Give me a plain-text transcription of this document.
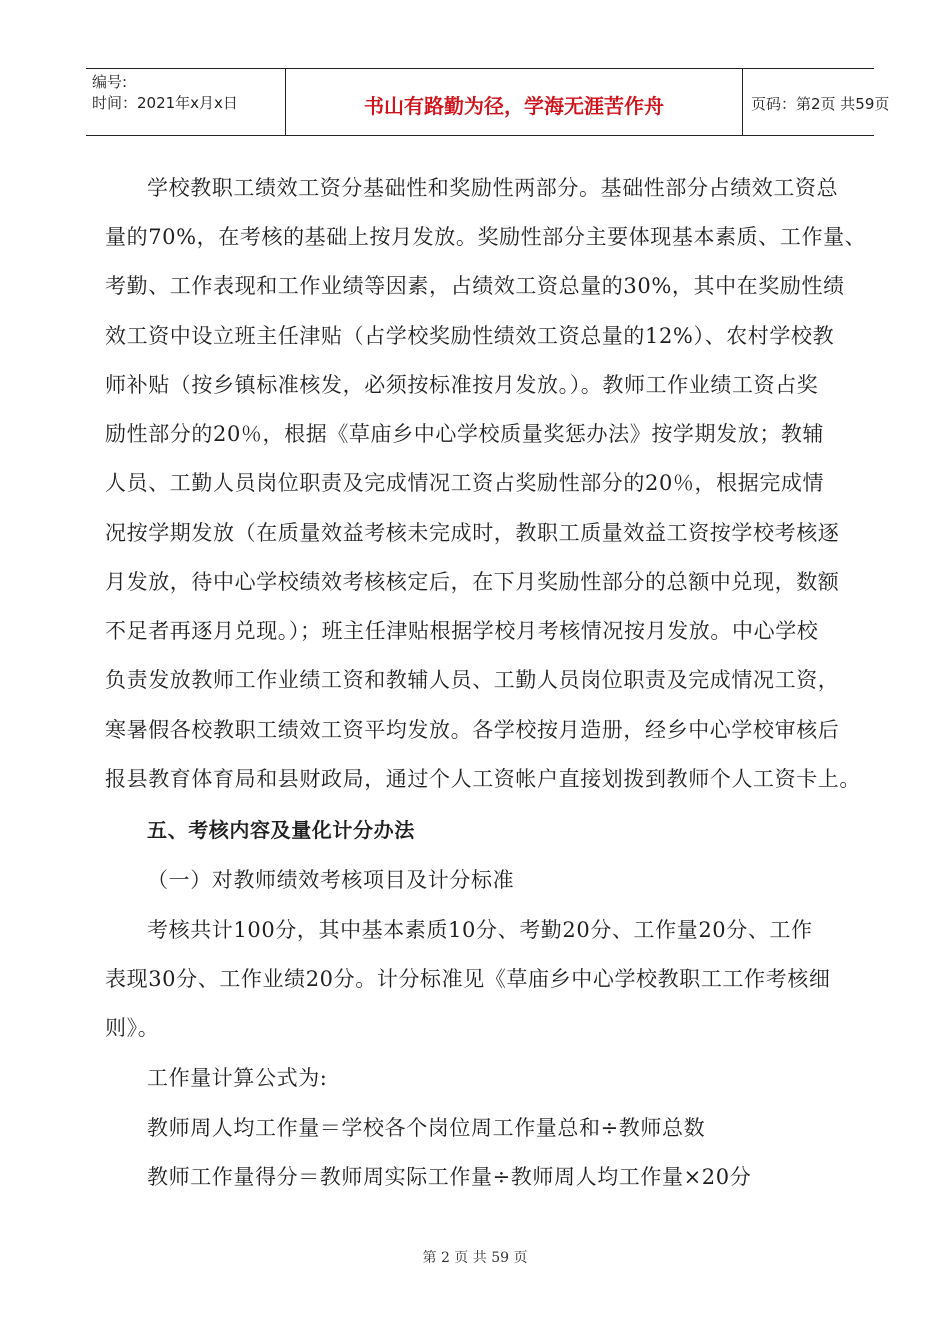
编号:
时间：2021年x月x日	书山有路勤为径，学海无涯苦作舟	页码：第2页 共59页
学校教职工绩效工资分基础性和奖励性两部分。基础性部分占绩效工资总
量的70%，在考核的基础上按月发放。奖励性部分主要体现基本素质、工作量、
考勤、工作表现和工作业绩等因素，占绩效工资总量的30%，其中在奖励性绩
效工资中设立班主任津贴（占学校奖励性绩效工资总量的12%）、农村学校教
师补贴（按乡镇标准核发，必须按标准按月发放。）。教师工作业绩工资占奖
励性部分的20％，根据《草庙乡中心学校质量奖惩办法》按学期发放；教辅
人员、工勤人员岗位职责及完成情况工资占奖励性部分的20％，根据完成情
况按学期发放（在质量效益考核未完成时，教职工质量效益工资按学校考核逐
月发放，待中心学校绩效考核核定后，在下月奖励性部分的总额中兑现，数额
不足者再逐月兑现。）；班主任津贴根据学校月考核情况按月发放。中心学校
负责发放教师工作业绩工资和教辅人员、工勤人员岗位职责及完成情况工资，
寒暑假各校教职工绩效工资平均发放。各学校按月造册，经乡中心学校审核后
报县教育体育局和县财政局，通过个人工资帐户直接划拨到教师个人工资卡上。
五、考核内容及量化计分办法
（一）对教师绩效考核项目及计分标准
考核共计100分，其中基本素质10分、考勤20分、工作量20分、工作
表现30分、工作业绩20分。计分标准见《草庙乡中心学校教职工工作考核细
则》。
工作量计算公式为:
教师周人均工作量＝学校各个岗位周工作量总和÷教师总数
教师工作量得分＝教师周实际工作量÷教师周人均工作量×20分
第 2 页 共 59 页
